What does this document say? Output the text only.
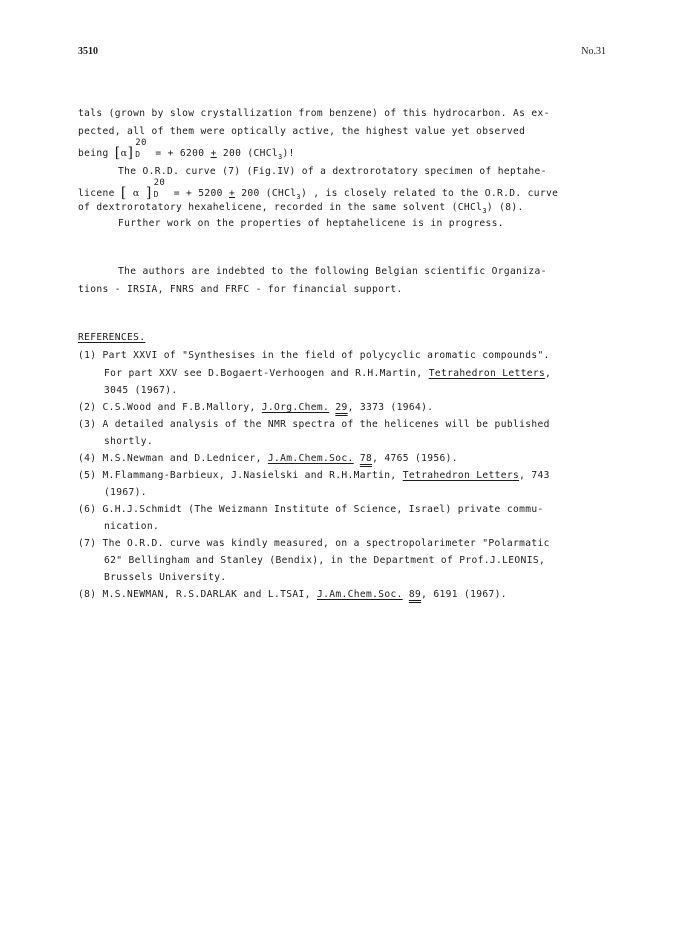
3510	No.31
tals (grown by slow crystallization from benzene) of this hydrocarbon. As ex-
pected, all of them were optically active, the highest value yet observed
being [α]
20
D = + 6200 + 200 (CHCl$_3$)!
The O.R.D. curve (7) (Fig.IV) of a dextrorotatory specimen of heptahe-
licene [ α ]
20
D = + 5200 + 200 (CHCl$_3$) , is closely related to the O.R.D. curve
of dextrorotatory hexahelicene, recorded in the same solvent (CHCl$_3$) (8).
Further work on the properties of heptahelicene is in progress.
The authors are indebted to the following Belgian scientific Organiza-
tions - IRSIA, FNRS and FRFC - for financial support.
REFERENCES.
(1) Part XXVI of "Synthesises in the field of polycyclic aromatic compounds".
For part XXV see D.Bogaert-Verhoogen and R.H.Martin, Tetrahedron Letters,
3045 (1967).
(2) C.S.Wood and F.B.Mallory, J.Org.Chem. 29, 3373 (1964).
(3) A detailed analysis of the NMR spectra of the helicenes will be published
shortly.
(4) M.S.Newman and D.Lednicer, J.Am.Chem.Soc. 78, 4765 (1956).
(5) M.Flammang-Barbieux, J.Nasielski and R.H.Martin, Tetrahedron Letters, 743
(1967).
(6) G.H.J.Schmidt (The Weizmann Institute of Science, Israel) private commu-
nication.
(7) The O.R.D. curve was kindly measured, on a spectropolarimeter "Polarmatic
62" Bellingham and Stanley (Bendix), in the Department of Prof.J.LEONIS,
Brussels University.
(8) M.S.NEWMAN, R.S.DARLAK and L.TSAI, J.Am.Chem.Soc. 89, 6191 (1967).
